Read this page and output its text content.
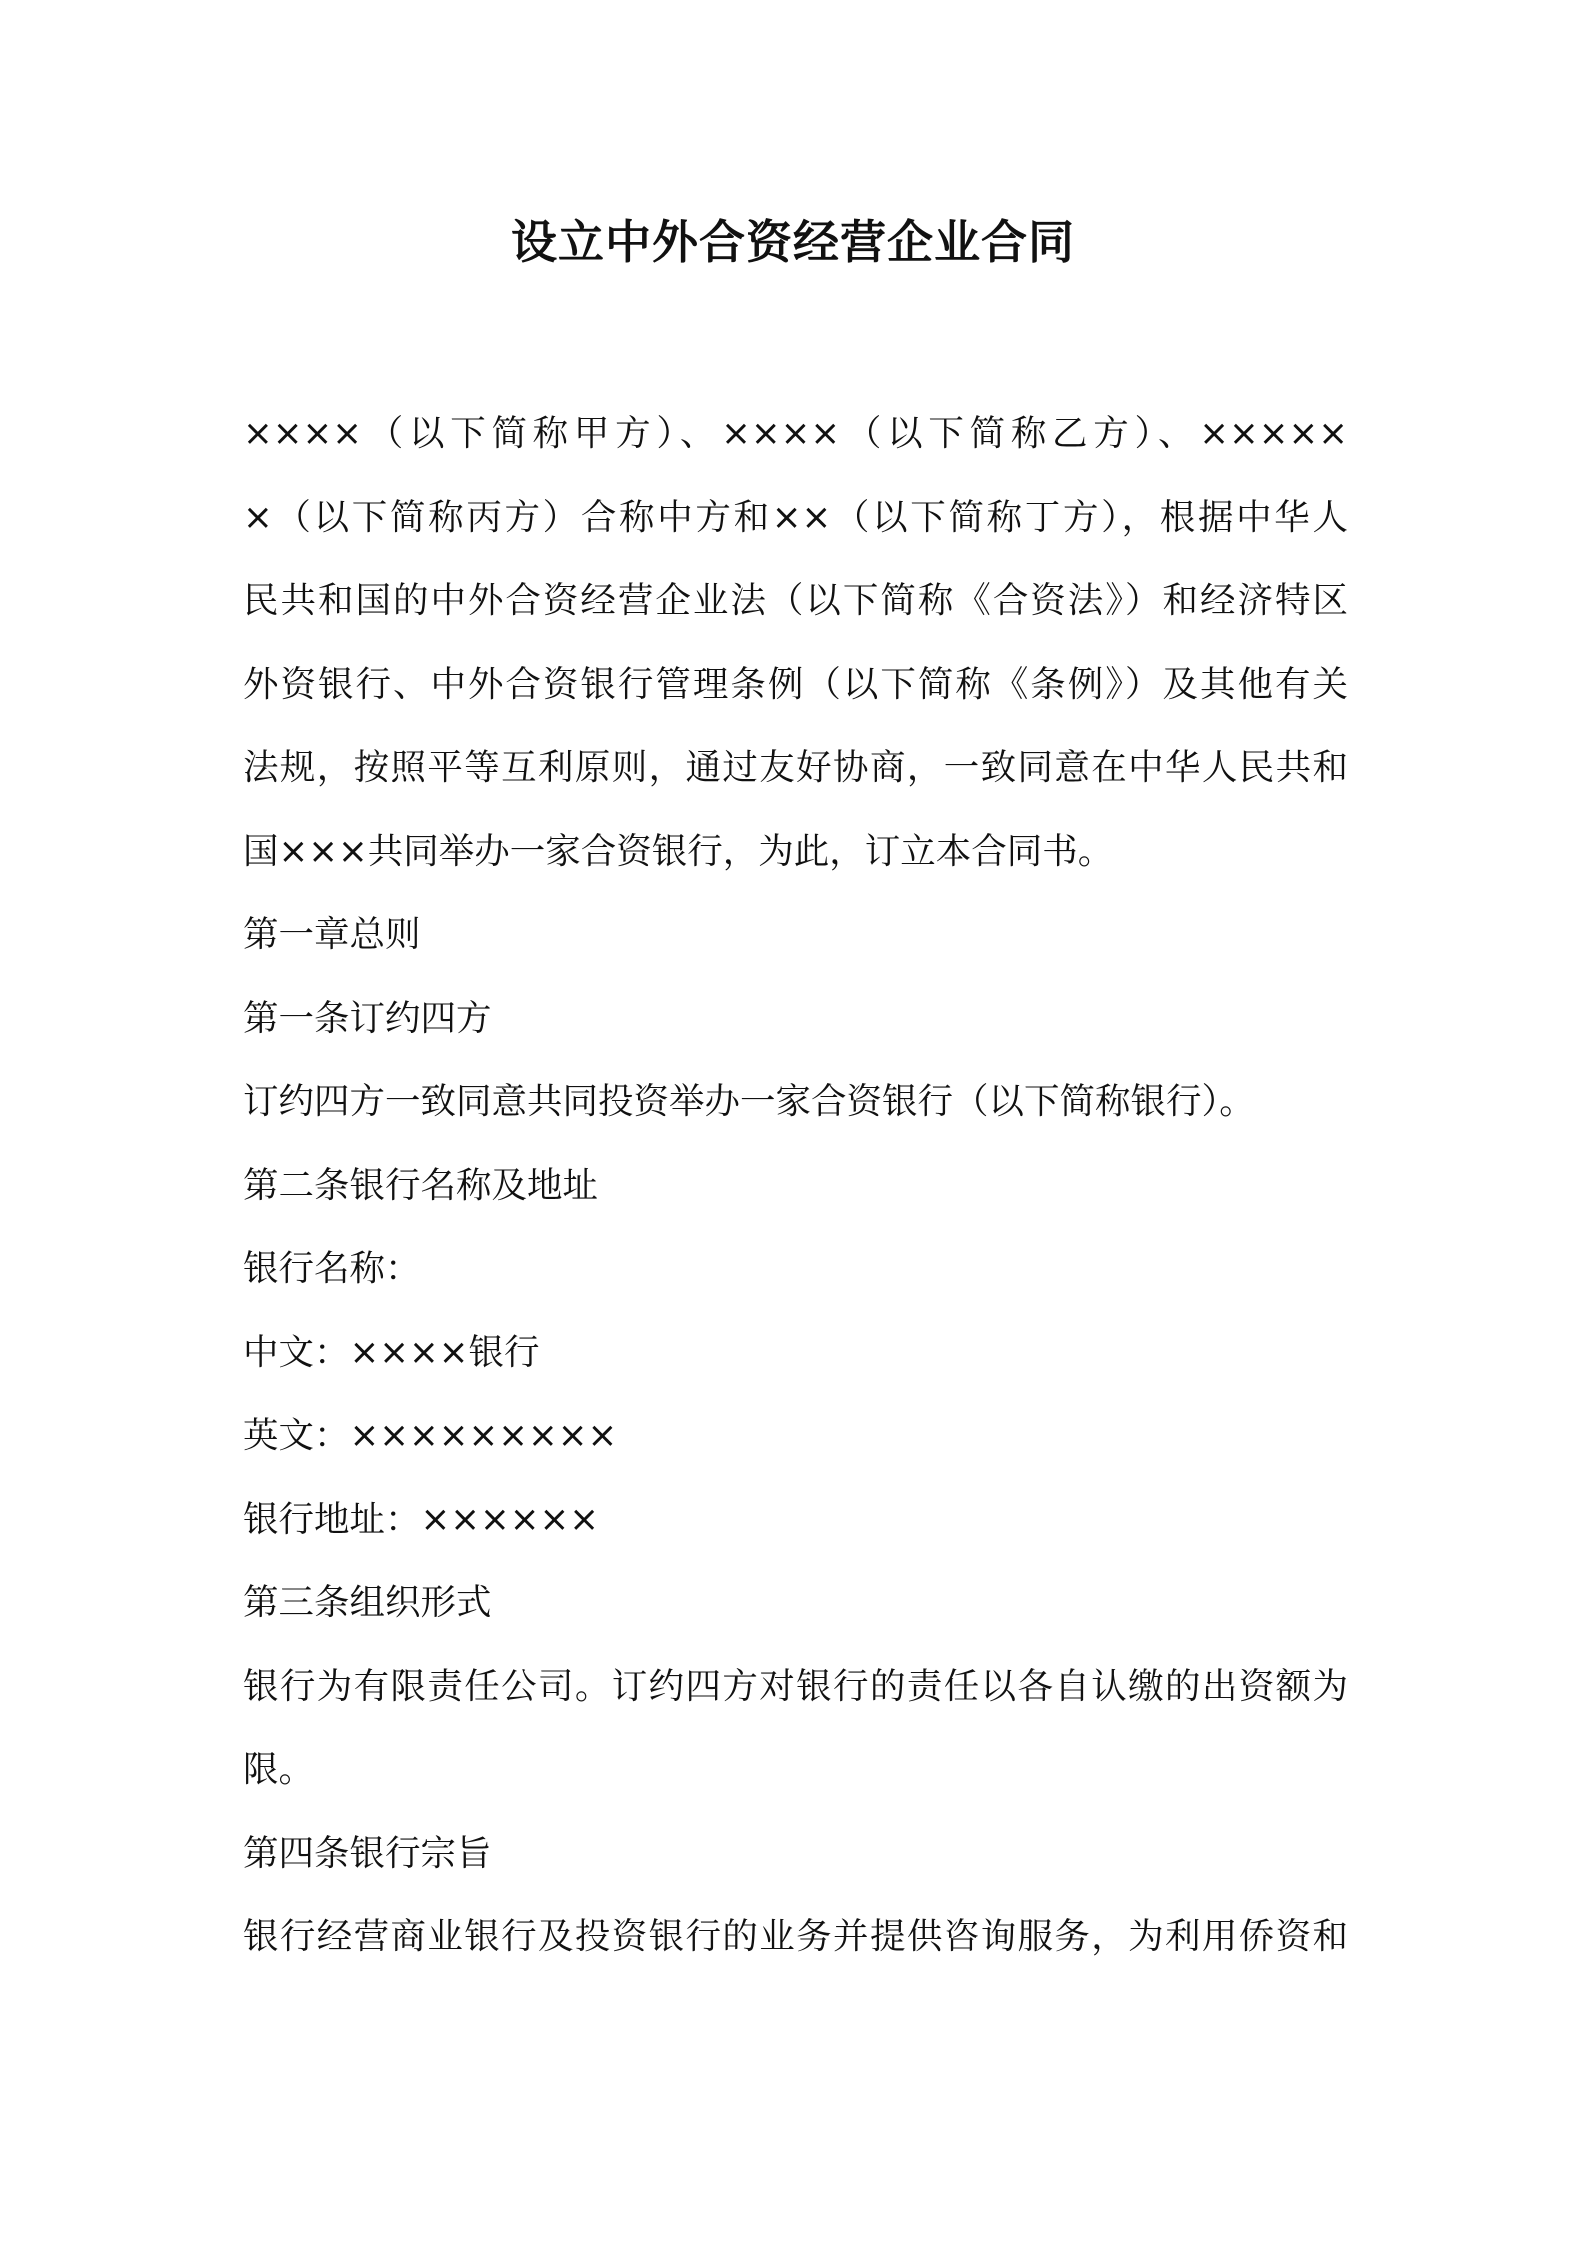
设立中外合资经营企业合同

××××（以下简称甲方）、××××（以下简称乙方）、×××××

×（以下简称丙方）合称中方和××（以下简称丁方），根据中华人

民共和国的中外合资经营企业法（以下简称《合资法》）和经济特区

外资银行、中外合资银行管理条例（以下简称《条例》）及其他有关

法规，按照平等互利原则，通过友好协商，一致同意在中华人民共和

国×××共同举办一家合资银行，为此，订立本合同书。

第一章总则

第一条订约四方

订约四方一致同意共同投资举办一家合资银行（以下简称银行）。

第二条银行名称及地址

银行名称：

中文：××××银行

英文：×××××××××

银行地址：××××××

第三条组织形式

银行为有限责任公司。订约四方对银行的责任以各自认缴的出资额为

限。

第四条银行宗旨

银行经营商业银行及投资银行的业务并提供咨询服务，为利用侨资和
